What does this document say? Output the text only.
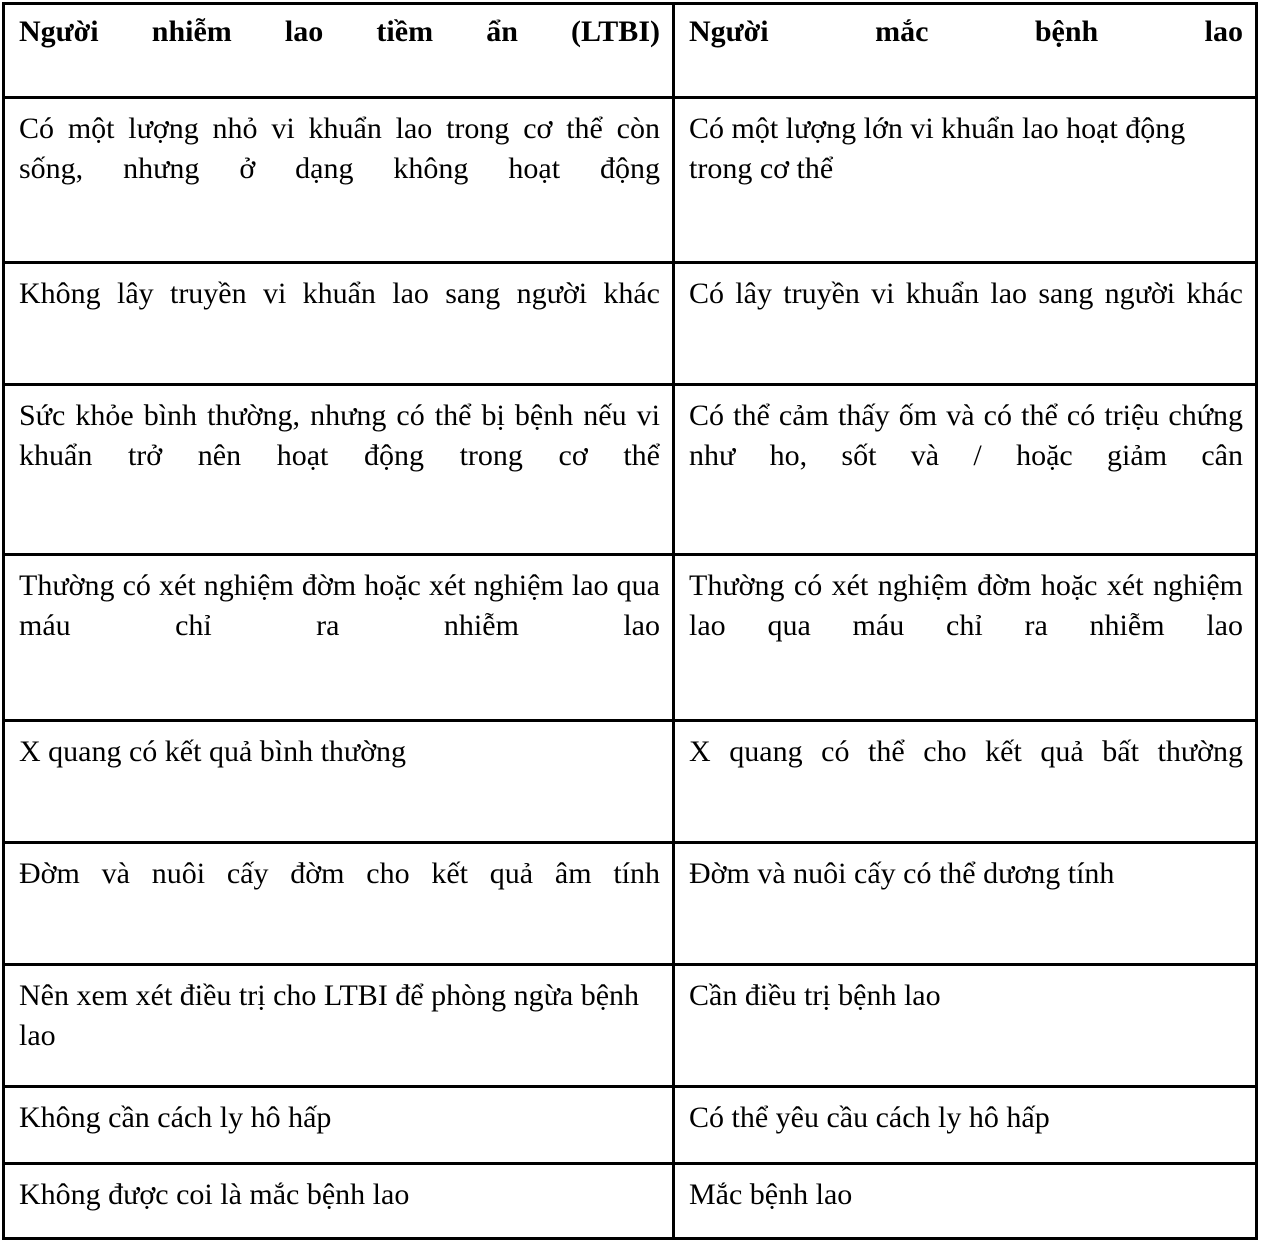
Người nhiễm lao tiềm ẩn (LTBI)	Người mắc bệnh lao

Có một lượng nhỏ vi khuẩn lao trong cơ thể còn sống, nhưng ở dạng không hoạt động	Có một lượng lớn vi khuẩn lao hoạt động trong cơ thể

Không lây truyền vi khuẩn lao sang người khác	Có lây truyền vi khuẩn lao sang người khác

Sức khỏe bình thường, nhưng có thể bị bệnh nếu vi khuẩn trở nên hoạt động trong cơ thể	Có thể cảm thấy ốm và có thể có triệu chứng như ho, sốt và / hoặc giảm cân

Thường có xét nghiệm đờm hoặc xét nghiệm lao qua máu chỉ ra nhiễm lao	Thường có xét nghiệm đờm hoặc xét nghiệm lao qua máu chỉ ra nhiễm lao

X quang có kết quả bình thường	X quang có thể cho kết quả bất thường

Đờm và nuôi cấy đờm cho kết quả âm tính	Đờm và nuôi cấy có thể dương tính

Nên xem xét điều trị cho LTBI để phòng ngừa bệnh lao	Cần điều trị bệnh lao

Không cần cách ly hô hấp	Có thể yêu cầu cách ly hô hấp

Không được coi là mắc bệnh lao	Mắc bệnh lao
